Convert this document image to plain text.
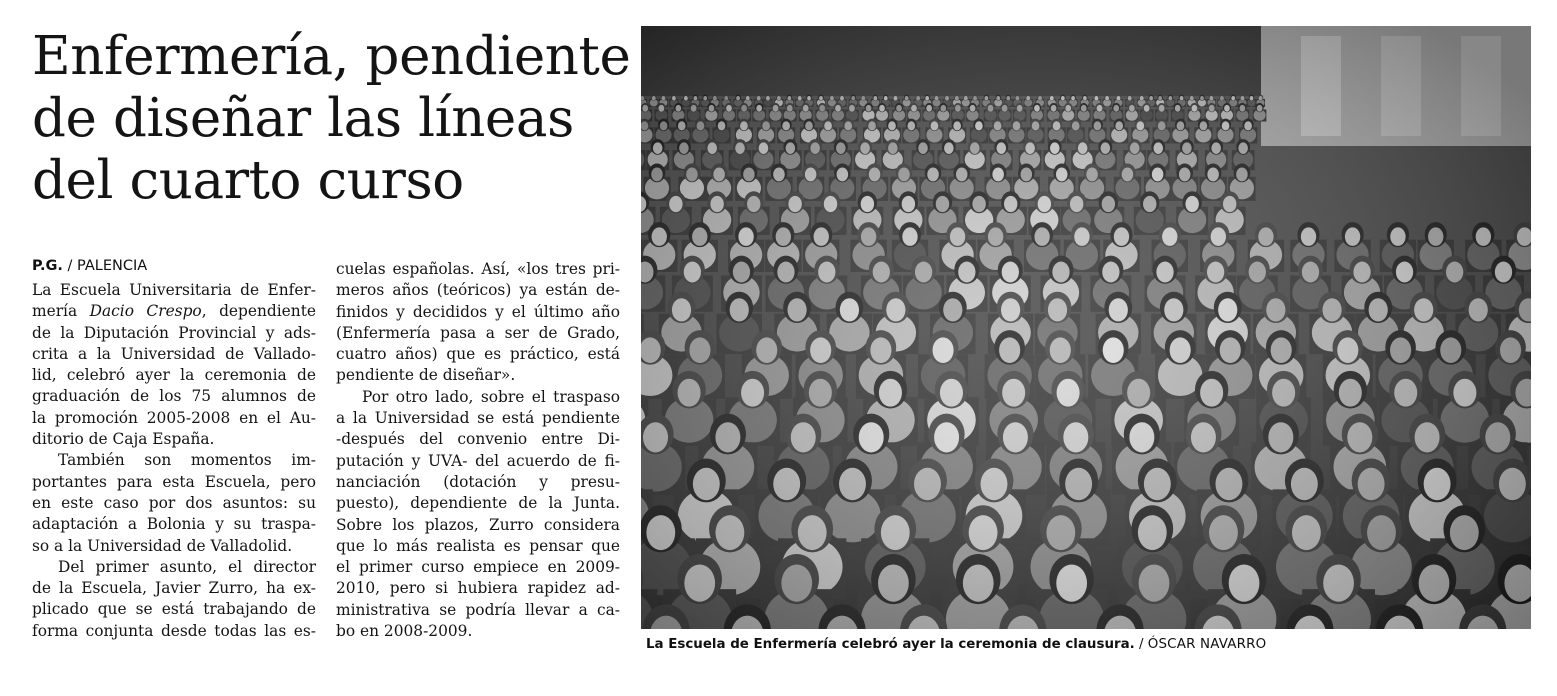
Enfermería, pendiente
de diseñar las líneas
del cuarto curso
P.G. / PALENCIA
La Escuela Universitaria de Enfer-
mería Dacio Crespo, dependiente
de la Diputación Provincial y ads-
crita a la Universidad de Vallado-
lid, celebró ayer la ceremonia de
graduación de los 75 alumnos de
la promoción 2005-2008 en el Au-
ditorio de Caja España.
También son momentos im-
portantes para esta Escuela, pero
en este caso por dos asuntos: su
adaptación a Bolonia y su traspa-
so a la Universidad de Valladolid.
Del primer asunto, el director
de la Escuela, Javier Zurro, ha ex-
plicado que se está trabajando de
forma conjunta desde todas las es-
cuelas españolas. Así, «los tres pri-
meros años (teóricos) ya están de-
finidos y decididos y el último año
(Enfermería pasa a ser de Grado,
cuatro años) que es práctico, está
pendiente de diseñar».
Por otro lado, sobre el traspaso
a la Universidad se está pendiente
-después del convenio entre Di-
putación y UVA- del acuerdo de fi-
nanciación (dotación y presu-
puesto), dependiente de la Junta.
Sobre los plazos, Zurro considera
que lo más realista es pensar que
el primer curso empiece en 2009-
2010, pero si hubiera rapidez ad-
ministrativa se podría llevar a ca-
bo en 2008-2009.
La Escuela de Enfermería celebró ayer la ceremonia de clausura. / ÓSCAR NAVARRO
